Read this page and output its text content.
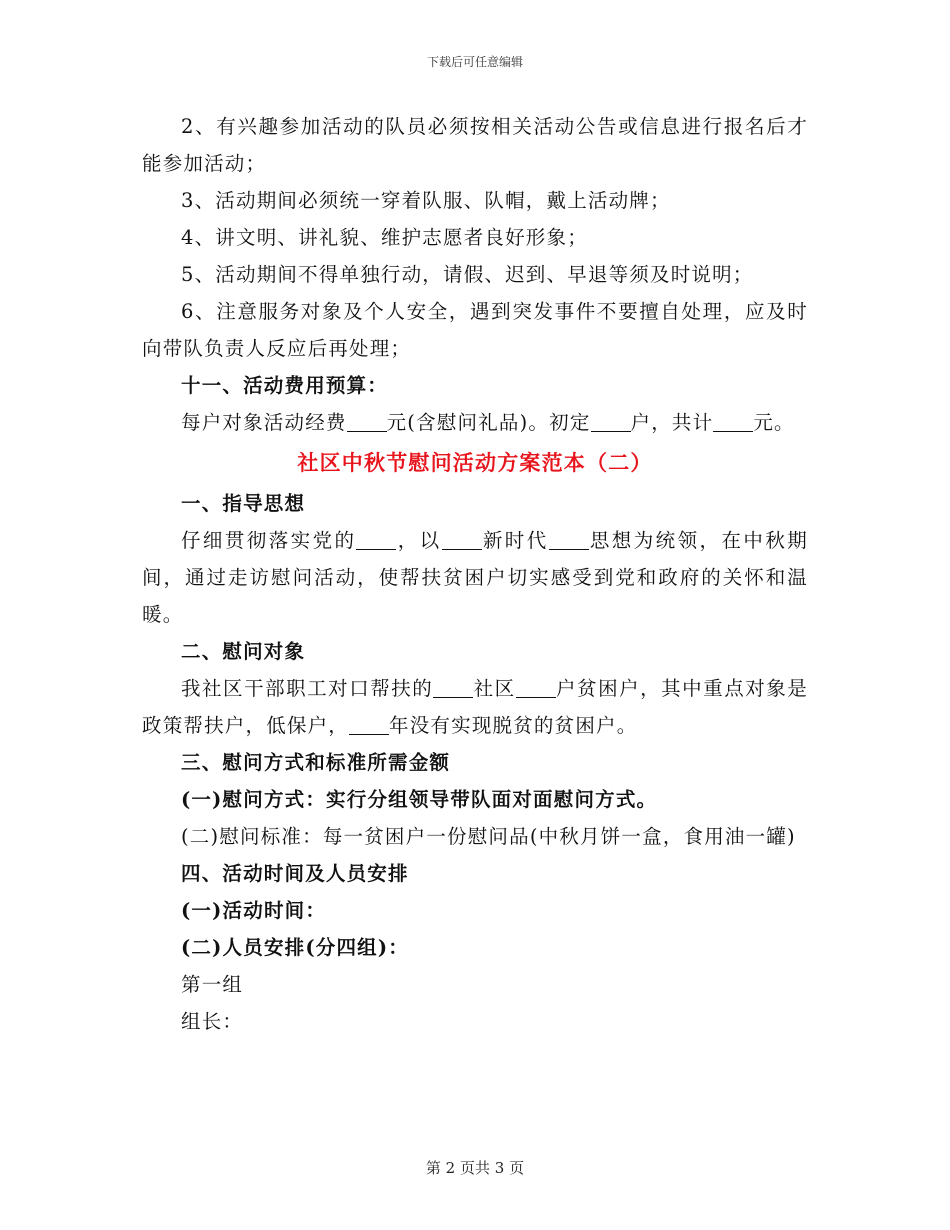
下载后可任意编辑

2、有兴趣参加活动的队员必须按相关活动公告或信息进行报名后才能参加活动；

3、活动期间必须统一穿着队服、队帽，戴上活动牌；

4、讲文明、讲礼貌、维护志愿者良好形象；

5、活动期间不得单独行动，请假、迟到、早退等须及时说明；

6、注意服务对象及个人安全，遇到突发事件不要擅自处理，应及时向带队负责人反应后再处理；

十一、活动费用预算：

每户对象活动经费 元(含慰问礼品)。初定 户，共计 元。

社区中秋节慰问活动方案范本（二）

一、指导思想

仔细贯彻落实党的 ，以 新时代 思想为统领，在中秋期间，通过走访慰问活动，使帮扶贫困户切实感受到党和政府的关怀和温暖。

二、慰问对象

我社区干部职工对口帮扶的 社区 户贫困户，其中重点对象是政策帮扶户，低保户， 年没有实现脱贫的贫困户。

三、慰问方式和标准所需金额

(一)慰问方式：实行分组领导带队面对面慰问方式。

(二)慰问标准：每一贫困户一份慰问品(中秋月饼一盒，食用油一罐)

四、活动时间及人员安排

(一)活动时间：

(二)人员安排(分四组)：

第一组

组长：

第 2 页共 3 页
